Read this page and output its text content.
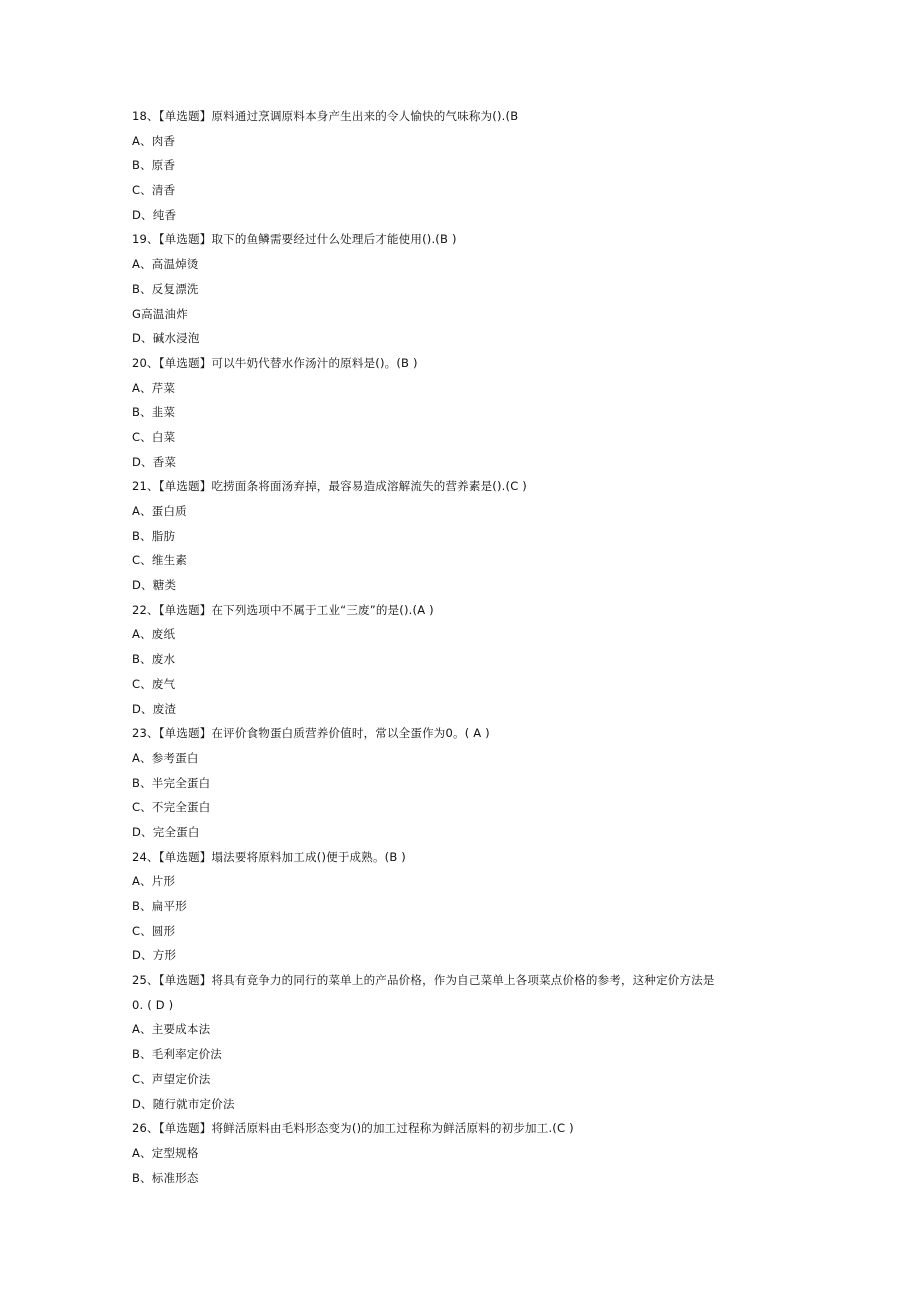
18、【单选题】原料通过烹调原料本身产生出来的令人愉快的气味称为().(B
A、肉香
B、原香
C、清香
D、纯香
19、【单选题】取下的鱼鳞需要经过什么处理后才能使用().(B )
A、高温焯烫
B、反复漂洗
G高温油炸
D、碱水浸泡
20、【单选题】可以牛奶代替水作汤汁的原料是()。(B )
A、芹菜
B、韭菜
C、白菜
D、香菜
21、【单选题】吃捞面条将面汤弃掉，最容易造成溶解流失的营养素是().(C )
A、蛋白质
B、脂肪
C、维生素
D、糖类
22、【单选题】在下列选项中不属于工业“三废”的是().(A )
A、废纸
B、废水
C、废气
D、废渣
23、【单选题】在评价食物蛋白质营养价值时，常以全蛋作为0。( A )
A、参考蛋白
B、半完全蛋白
C、不完全蛋白
D、完全蛋白
24、【单选题】塌法要将原料加工成()便于成熟。(B )
A、片形
B、扁平形
C、圆形
D、方形
25、【单选题】将具有竞争力的同行的菜单上的产品价格，作为自己菜单上各项菜点价格的参考，这种定价方法是
0. ( D )
A、主要成本法
B、毛利率定价法
C、声望定价法
D、随行就市定价法
26、【单选题】将鲜活原料由毛料形态变为()的加工过程称为鲜活原料的初步加工.(C )
A、定型规格
B、标准形态
